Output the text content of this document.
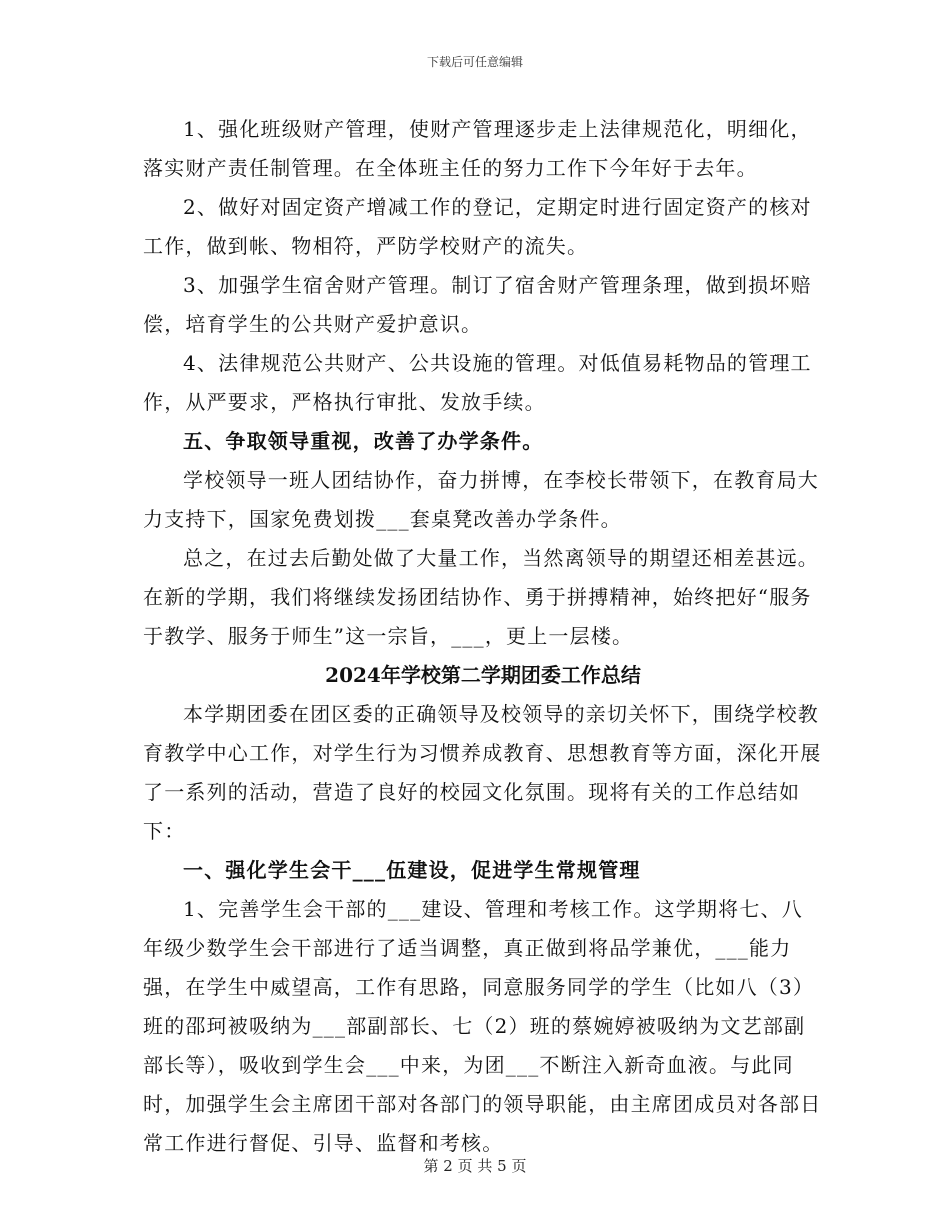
下载后可任意编辑

1、强化班级财产管理，使财产管理逐步走上法律规范化，明细化，落实财产责任制管理。在全体班主任的努力工作下今年好于去年。

2、做好对固定资产增减工作的登记，定期定时进行固定资产的核对工作，做到帐、物相符，严防学校财产的流失。

3、加强学生宿舍财产管理。制订了宿舍财产管理条理，做到损坏赔偿，培育学生的公共财产爱护意识。

4、法律规范公共财产、公共设施的管理。对低值易耗物品的管理工作，从严要求，严格执行审批、发放手续。

五、争取领导重视，改善了办学条件。

学校领导一班人团结协作，奋力拼博，在李校长带领下，在教育局大力支持下，国家免费划拨___套桌凳改善办学条件。

总之，在过去后勤处做了大量工作，当然离领导的期望还相差甚远。在新的学期，我们将继续发扬团结协作、勇于拼搏精神，始终把好“服务于教学、服务于师生”这一宗旨，___，更上一层楼。

2024年学校第二学期团委工作总结

本学期团委在团区委的正确领导及校领导的亲切关怀下，围绕学校教育教学中心工作，对学生行为习惯养成教育、思想教育等方面，深化开展了一系列的活动，营造了良好的校园文化氛围。现将有关的工作总结如下：

一、强化学生会干___伍建设，促进学生常规管理

1、完善学生会干部的___建设、管理和考核工作。这学期将七、八年级少数学生会干部进行了适当调整，真正做到将品学兼优，___能力强，在学生中威望高，工作有思路，同意服务同学的学生（比如八（3）班的邵珂被吸纳为___部副部长、七（2）班的蔡婉婷被吸纳为文艺部副部长等），吸收到学生会___中来，为团___不断注入新奇血液。与此同时，加强学生会主席团干部对各部门的领导职能，由主席团成员对各部日常工作进行督促、引导、监督和考核。

第 2 页 共 5 页
